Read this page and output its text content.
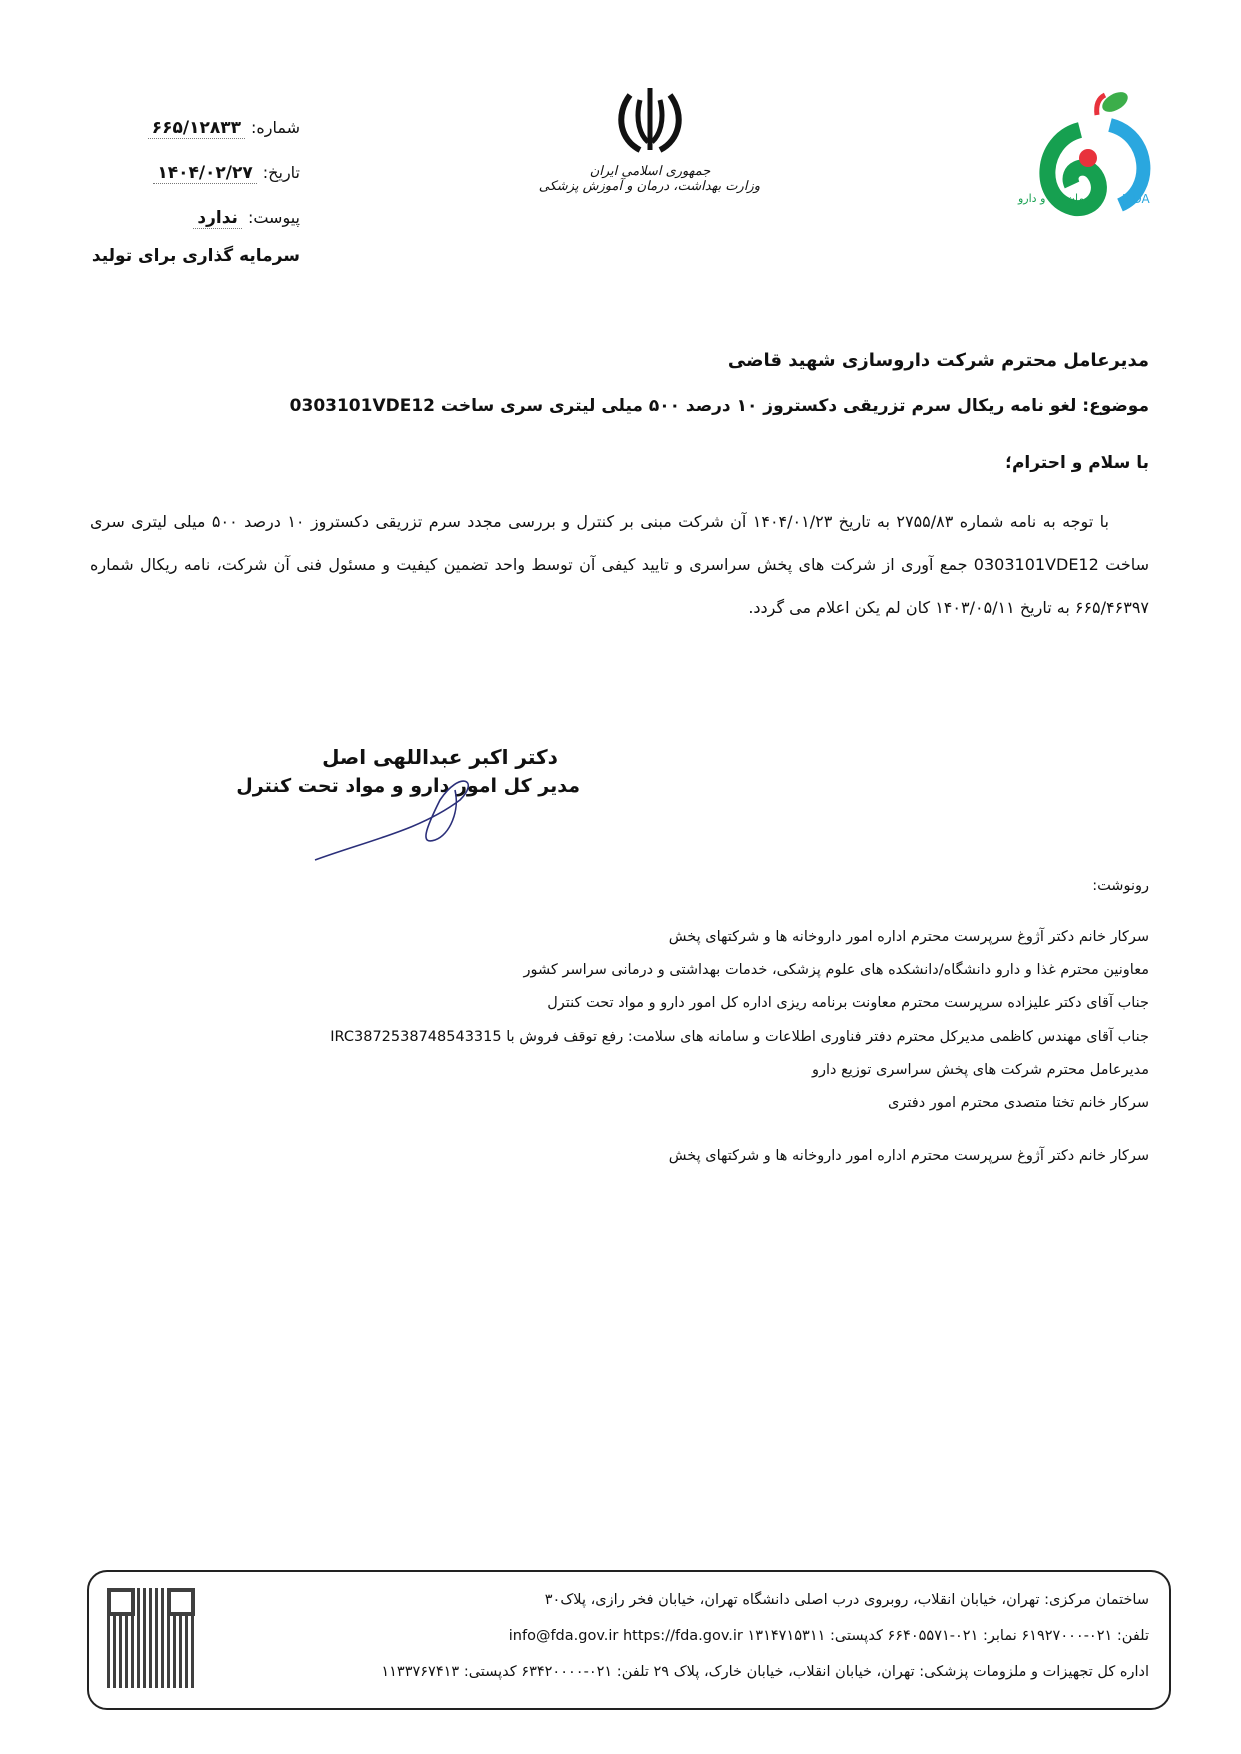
سازمان غذا و دارو IFDA
جمهوری اسلامی ایران
وزارت بهداشت، درمان و آموزش پزشکی
شماره:۶۶۵/۱۲۸۳۳
تاریخ:۱۴۰۴/۰۲/۲۷
پیوست:ندارد
سرمایه گذاری برای تولید
مدیرعامل محترم شرکت داروسازی شهید قاضی
موضوع: لغو نامه ریکال سرم تزریقی دکستروز ۱۰ درصد ۵۰۰ میلی لیتری سری ساخت 0303101VDE12
با سلام و احترام؛
با توجه به نامه شماره ۲۷۵۵/۸۳ به تاریخ ۱۴۰۴/۰۱/۲۳ آن شرکت مبنی بر کنترل و بررسی مجدد سرم تزریقی دکستروز ۱۰ درصد ۵۰۰ میلی لیتری سری ساخت 0303101VDE12 جمع آوری از شرکت های پخش سراسری و تایید کیفی آن توسط واحد تضمین کیفیت و مسئول فنی آن شرکت، نامه ریکال شماره ۶۶۵/۴۶۳۹۷ به تاریخ ۱۴۰۳/۰۵/۱۱ کان لم یکن اعلام می گردد.
دکتر اکبر عبداللهی اصل
مدیر کل امور دارو و مواد تحت کنترل
رونوشت:
سرکار خانم دکتر آژوغ سرپرست محترم اداره امور داروخانه ها و شرکتهای پخش
معاونین محترم غذا و دارو دانشگاه/دانشکده های علوم پزشکی، خدمات بهداشتی و درمانی سراسر کشور
جناب آقای دکتر علیزاده سرپرست محترم معاونت برنامه ریزی اداره کل امور دارو و مواد تحت کنترل
جناب آقای مهندس کاظمی مدیرکل محترم دفتر فناوری اطلاعات و سامانه های سلامت: رفع توقف فروش با IRC3872538748543315
مدیرعامل محترم شرکت های پخش سراسری توزیع دارو
سرکار خانم تختا متصدی محترم امور دفتری
سرکار خانم دکتر آژوغ سرپرست محترم اداره امور داروخانه ها و شرکتهای پخش
ساختمان مرکزی: تهران، خیابان انقلاب، روبروی درب اصلی دانشگاه تهران، خیابان فخر رازی، پلاک۳۰
تلفن: ۰۲۱-۶۱۹۲۷۰۰۰ نمابر: ۰۲۱-۶۶۴۰۵۵۷۱ کدپستی: ۱۳۱۴۷۱۵۳۱۱ info@fda.gov.ir https://fda.gov.ir
اداره کل تجهیزات و ملزومات پزشکی: تهران، خیابان انقلاب، خیابان خارک، پلاک ۲۹ تلفن: ۰۲۱-۶۳۴۲۰۰۰۰ کدپستی: ۱۱۳۳۷۶۷۴۱۳
